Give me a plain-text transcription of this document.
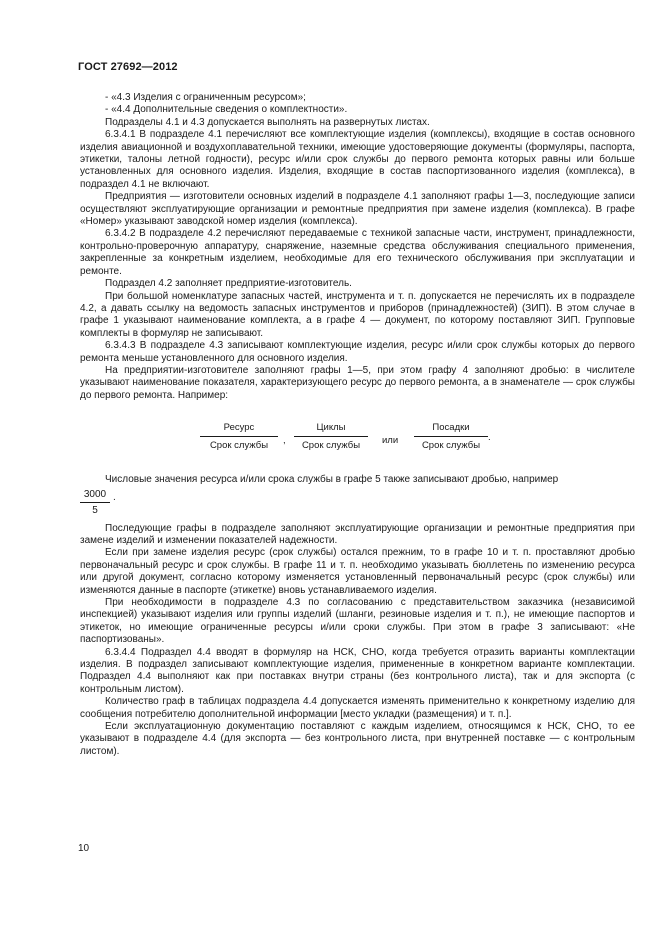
ГОСТ 27692—2012

- «4.3 Изделия с ограниченным ресурсом»;

- «4.4 Дополнительные сведения о комплектности».

Подразделы 4.1 и 4.3 допускается выполнять на развернутых листах.

6.3.4.1 В подразделе 4.1 перечисляют все комплектующие изделия (комплексы), входящие в состав основного изделия авиационной и воздухоплавательной техники, имеющие удостоверяющие документы (формуляры, паспорта, этикетки, талоны летной годности), ресурс и/или срок службы до первого ремонта которых равны или больше установленных для основного изделия. Изделия, входящие в состав паспортизованного изделия (комплекса), в подраздел 4.1 не включают.

Предприятия — изготовители основных изделий в подразделе 4.1 заполняют графы 1—3, последующие записи осуществляют эксплуатирующие организации и ремонтные предприятия при замене изделия (комплекса). В графе «Номер» указывают заводской номер изделия (комплекса).

6.3.4.2 В подразделе 4.2 перечисляют передаваемые с техникой запасные части, инструмент, принадлежности, контрольно-проверочную аппаратуру, снаряжение, наземные средства обслуживания специального применения, закрепленные за конкретным изделием, необходимые для его технического обслуживания при эксплуатации и ремонте.

Подраздел 4.2 заполняет предприятие-изготовитель.

При большой номенклатуре запасных частей, инструмента и т. п. допускается не перечислять их в подразделе 4.2, а давать ссылку на ведомость запасных инструментов и приборов (принадлежностей) (ЗИП). В этом случае в графе 1 указывают наименование комплекта, а в графе 4 — документ, по которому поставляют ЗИП. Групповые комплекты в формуляр не записывают.

6.3.4.3 В подразделе 4.3 записывают комплектующие изделия, ресурс и/или срок службы которых до первого ремонта меньше установленного для основного изделия.

На предприятии-изготовителе заполняют графы 1—5, при этом графу 4 заполняют дробью: в числителе указывают наименование показателя, характеризующего ресурс до первого ремонта, а в знаменателе — срок службы до первого ремонта. Например:

Ресурс
Срок службы	,
Циклы
Срок службы	или
Посадки
Срок службы
.

Числовые значения ресурса и/или срока службы в графе 5 также записывают дробью, например

$\frac{3000}{5}$ .

Последующие графы в подразделе заполняют эксплуатирующие организации и ремонтные предприятия при замене изделий и изменении показателей надежности.

Если при замене изделия ресурс (срок службы) остался прежним, то в графе 10 и т. п. проставляют дробью первоначальный ресурс и срок службы. В графе 11 и т. п. необходимо указывать бюллетень по изменению ресурса или другой документ, согласно которому изменяется установленный первоначальный ресурс (срок службы) или изменяются данные в паспорте (этикетке) вновь устанавливаемого изделия.

При необходимости в подразделе 4.3 по согласованию с представительством заказчика (независимой инспекцией) указывают изделия или группы изделий (шланги, резиновые изделия и т. п.), не имеющие паспортов и этикеток, но имеющие ограниченные ресурсы и/или сроки службы. При этом в графе 3 записывают: «Не паспортизованы».

6.3.4.4 Подраздел 4.4 вводят в формуляр на НСК, СНО, когда требуется отразить варианты комплектации изделия. В подраздел записывают комплектующие изделия, примененные в конкретном варианте комплектации. Подраздел 4.4 выполняют как при поставках внутри страны (без контрольного листа), так и для экспорта (с контрольным листом).

Количество граф в таблицах подраздела 4.4 допускается изменять применительно к конкретному изделию для сообщения потребителю дополнительной информации [место укладки (размещения) и т. п.].

Если эксплуатационную документацию поставляют с каждым изделием, относящимся к НСК, СНО, то ее указывают в подразделе 4.4 (для экспорта — без контрольного листа, при внутренней поставке — с контрольным листом).

10
